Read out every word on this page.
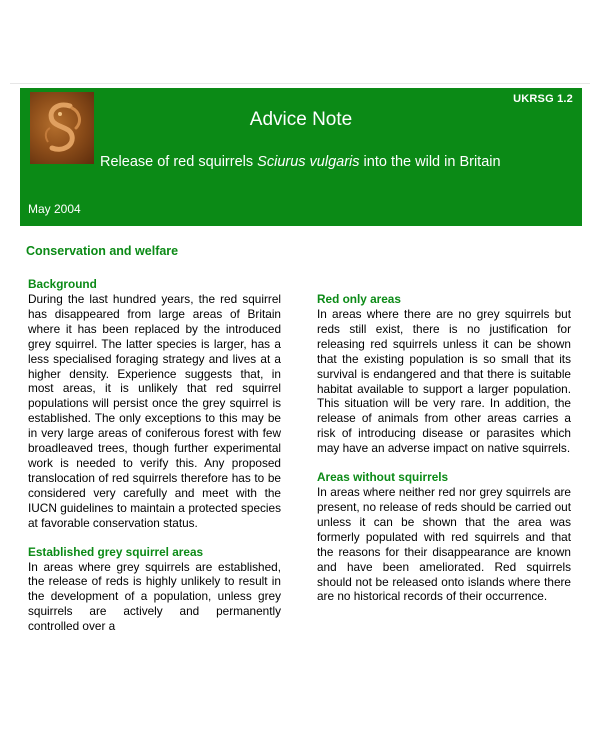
UKRSG 1.2
Advice Note
Release of red squirrels Sciurus vulgaris into the wild in Britain
May 2004
Conservation and welfare
Background

During the last hundred years, the red squirrel has disappeared from large areas of Britain where it has been replaced by the introduced grey squirrel. The latter species is larger, has a less specialised foraging strategy and lives at a higher density. Experience suggests that, in most areas, it is unlikely that red squirrel populations will persist once the grey squirrel is established. The only exceptions to this may be in very large areas of coniferous forest with few broadleaved trees, though further experimental work is needed to verify this. Any proposed translocation of red squirrels therefore has to be considered very carefully and meet with the IUCN guidelines to maintain a protected species at favorable conservation status.

Established grey squirrel areas

In areas where grey squirrels are established, the release of reds is highly unlikely to result in the development of a population, unless grey squirrels are actively and permanently controlled over a

Red only areas

In areas where there are no grey squirrels but reds still exist, there is no justification for releasing red squirrels unless it can be shown that the existing population is so small that its survival is endangered and that there is suitable habitat available to support a larger population. This situation will be very rare. In addition, the release of animals from other areas carries a risk of introducing disease or parasites which may have an adverse impact on native squirrels.

Areas without squirrels

In areas where neither red nor grey squirrels are present, no release of reds should be carried out unless it can be shown that the area was formerly populated with red squirrels and that the reasons for their disappearance are known and have been ameliorated. Red squirrels should not be released onto islands where there are no historical records of their occurrence.
